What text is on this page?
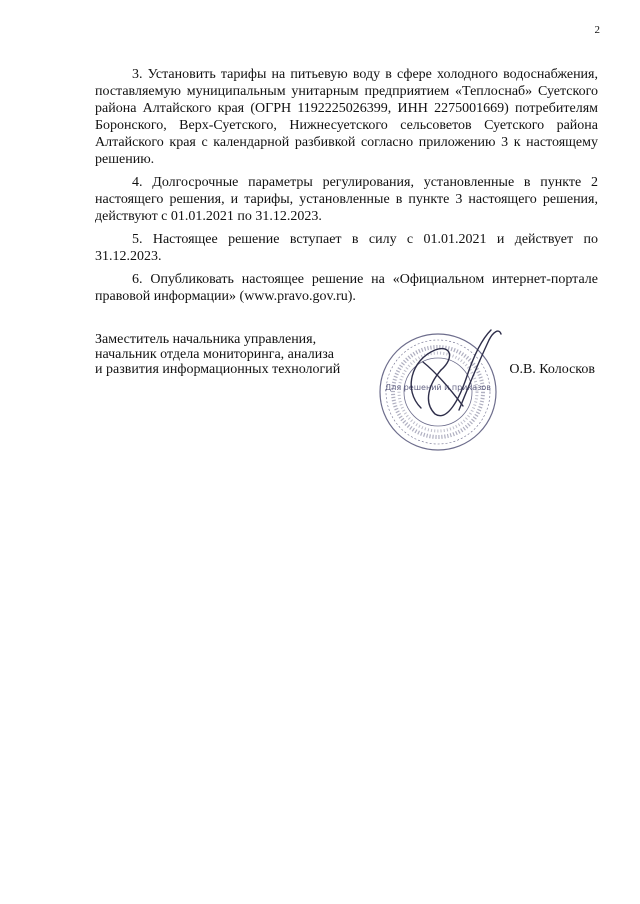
2

3. Установить тарифы на питьевую воду в сфере холодного водоснабжения, поставляемую муниципальным унитарным предприятием «Теплоснаб» Суетского района Алтайского края (ОГРН 1192225026399, ИНН 2275001669) потребителям Боронского, Верх-Суетского, Нижнесуетского сельсоветов Суетского района Алтайского края с календарной разбивкой согласно приложению 3 к настоящему решению.

4. Долгосрочные параметры регулирования, установленные в пункте 2 настоящего решения, и тарифы, установленные в пункте 3 настоящего решения, действуют с 01.01.2021 по 31.12.2023.

5. Настоящее решение вступает в силу с 01.01.2021 и действует по 31.12.2023.

6. Опубликовать настоящее решение на «Официальном интернет-портале правовой информации» (www.pravo.gov.ru).

Заместитель начальника управления,
начальник отдела мониторинга, анализа
и развития информационных технологий
Для решений и приказов
О.В. Колосков
